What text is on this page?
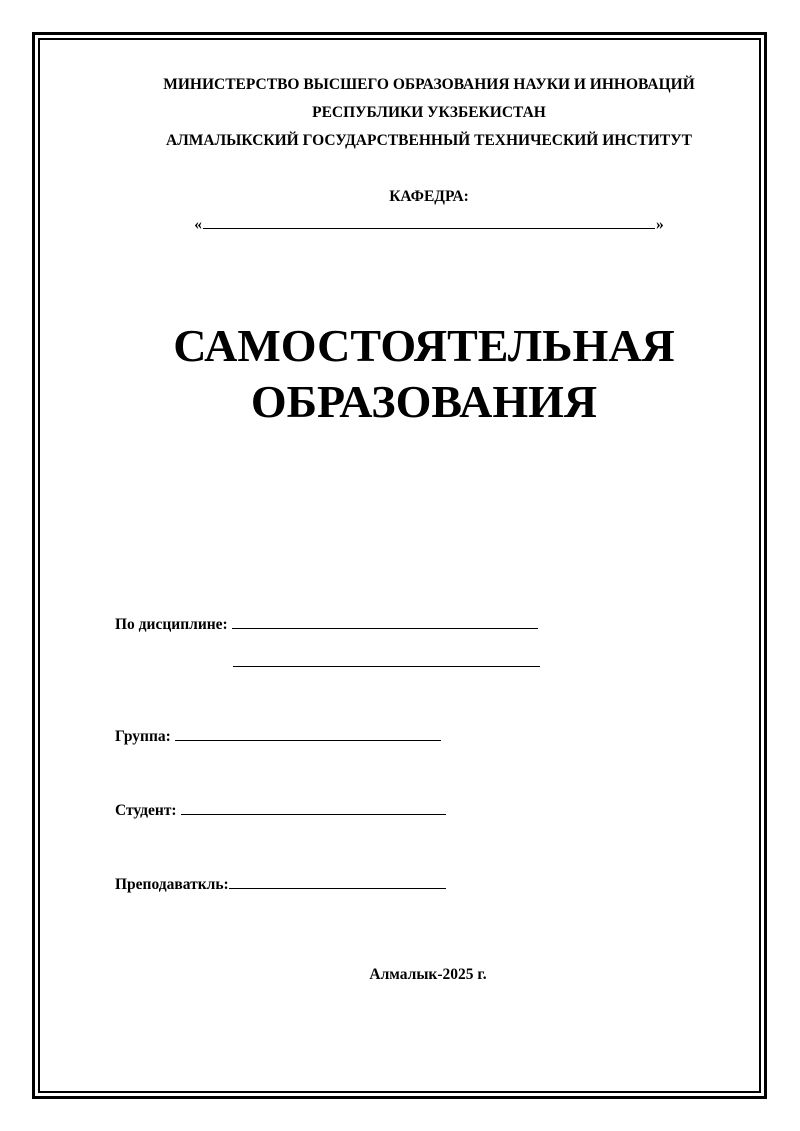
МИНИСТЕРСТВО ВЫСШЕГО ОБРАЗОВАНИЯ НАУКИ И ИННОВАЦИЙ
РЕСПУБЛИКИ УКЗБЕКИСТАН
АЛМАЛЫКСКИЙ ГОСУДАРСТВЕННЫЙ ТЕХНИЧЕСКИЙ ИНСТИТУТ
КАФЕДРА:
«	»
САМОСТОЯТЕЛЬНАЯ
ОБРАЗОВАНИЯ
По дисциплине:
Группа:
Студент:
Преподаваткль:
Алмалык-2025 г.
